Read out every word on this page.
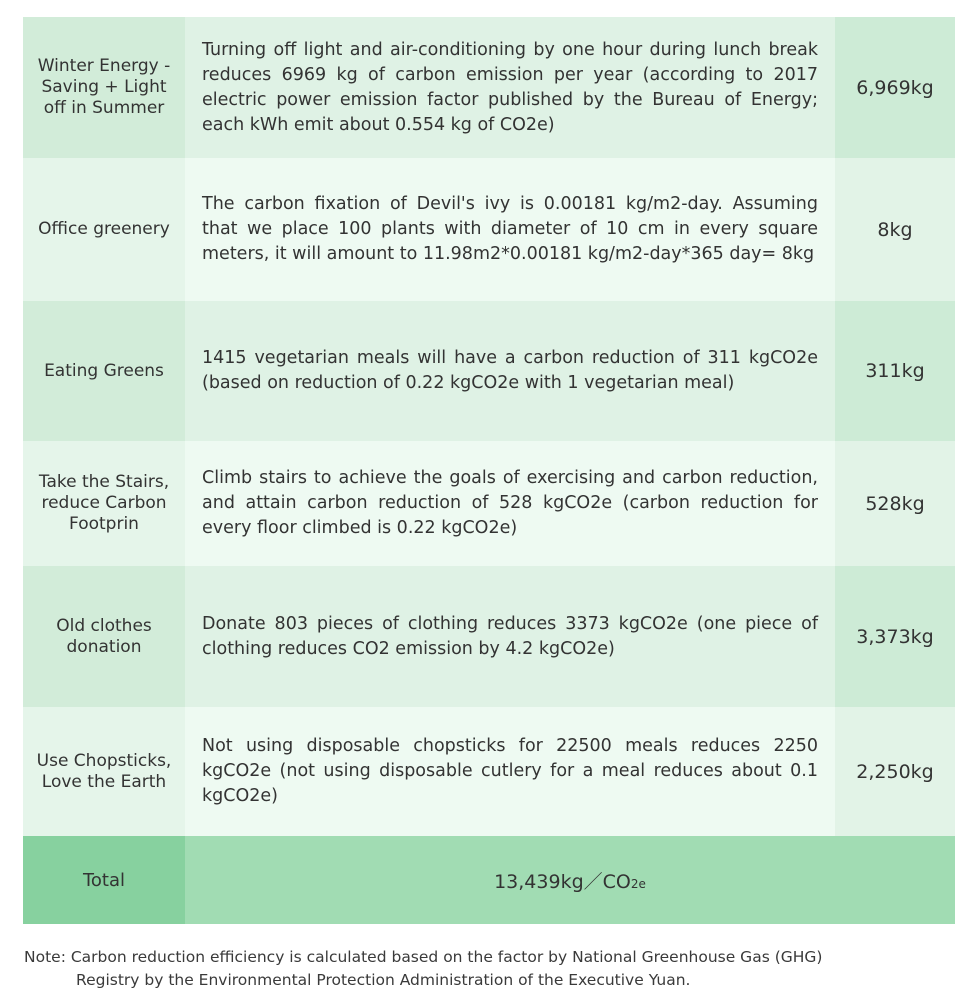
Winter Energy -Saving + Light off in Summer	Turning off light and air-conditioning by one hour during lunch break reduces 6969 kg of carbon emission per year (according to 2017 electric power emission factor published by the Bureau of Energy; each kWh emit about 0.554 kg of CO2e)	6,969kg
Office greenery	The carbon fixation of Devil's ivy is 0.00181 kg/m2-day. Assuming that we place 100 plants with diameter of 10 cm in every square meters, it will amount to 11.98m2*0.00181 kg/m2-day*365 day= 8kg	8kg
Eating Greens	1415 vegetarian meals will have a carbon reduction of 311 kgCO2e (based on reduction of 0.22 kgCO2e with 1 vegetarian meal)	311kg
Take the Stairs, reduce Carbon Footprin	Climb stairs to achieve the goals of exercising and carbon reduction, and attain carbon reduction of 528 kgCO2e (carbon reduction for every floor climbed is 0.22 kgCO2e)	528kg
Old clothes donation	Donate 803 pieces of clothing reduces 3373 kgCO2e (one piece of clothing reduces CO2 emission by 4.2 kgCO2e)	3,373kg
Use Chopsticks, Love the Earth	Not using disposable chopsticks for 22500 meals reduces 2250 kgCO2e (not using disposable cutlery for a meal reduces about 0.1 kgCO2e)	2,250kg
Total	13,439kg／CO2e	
Note: Carbon reduction efficiency is calculated based on the factor by National Greenhouse Gas (GHG)
Registry by the Environmental Protection Administration of the Executive Yuan.
